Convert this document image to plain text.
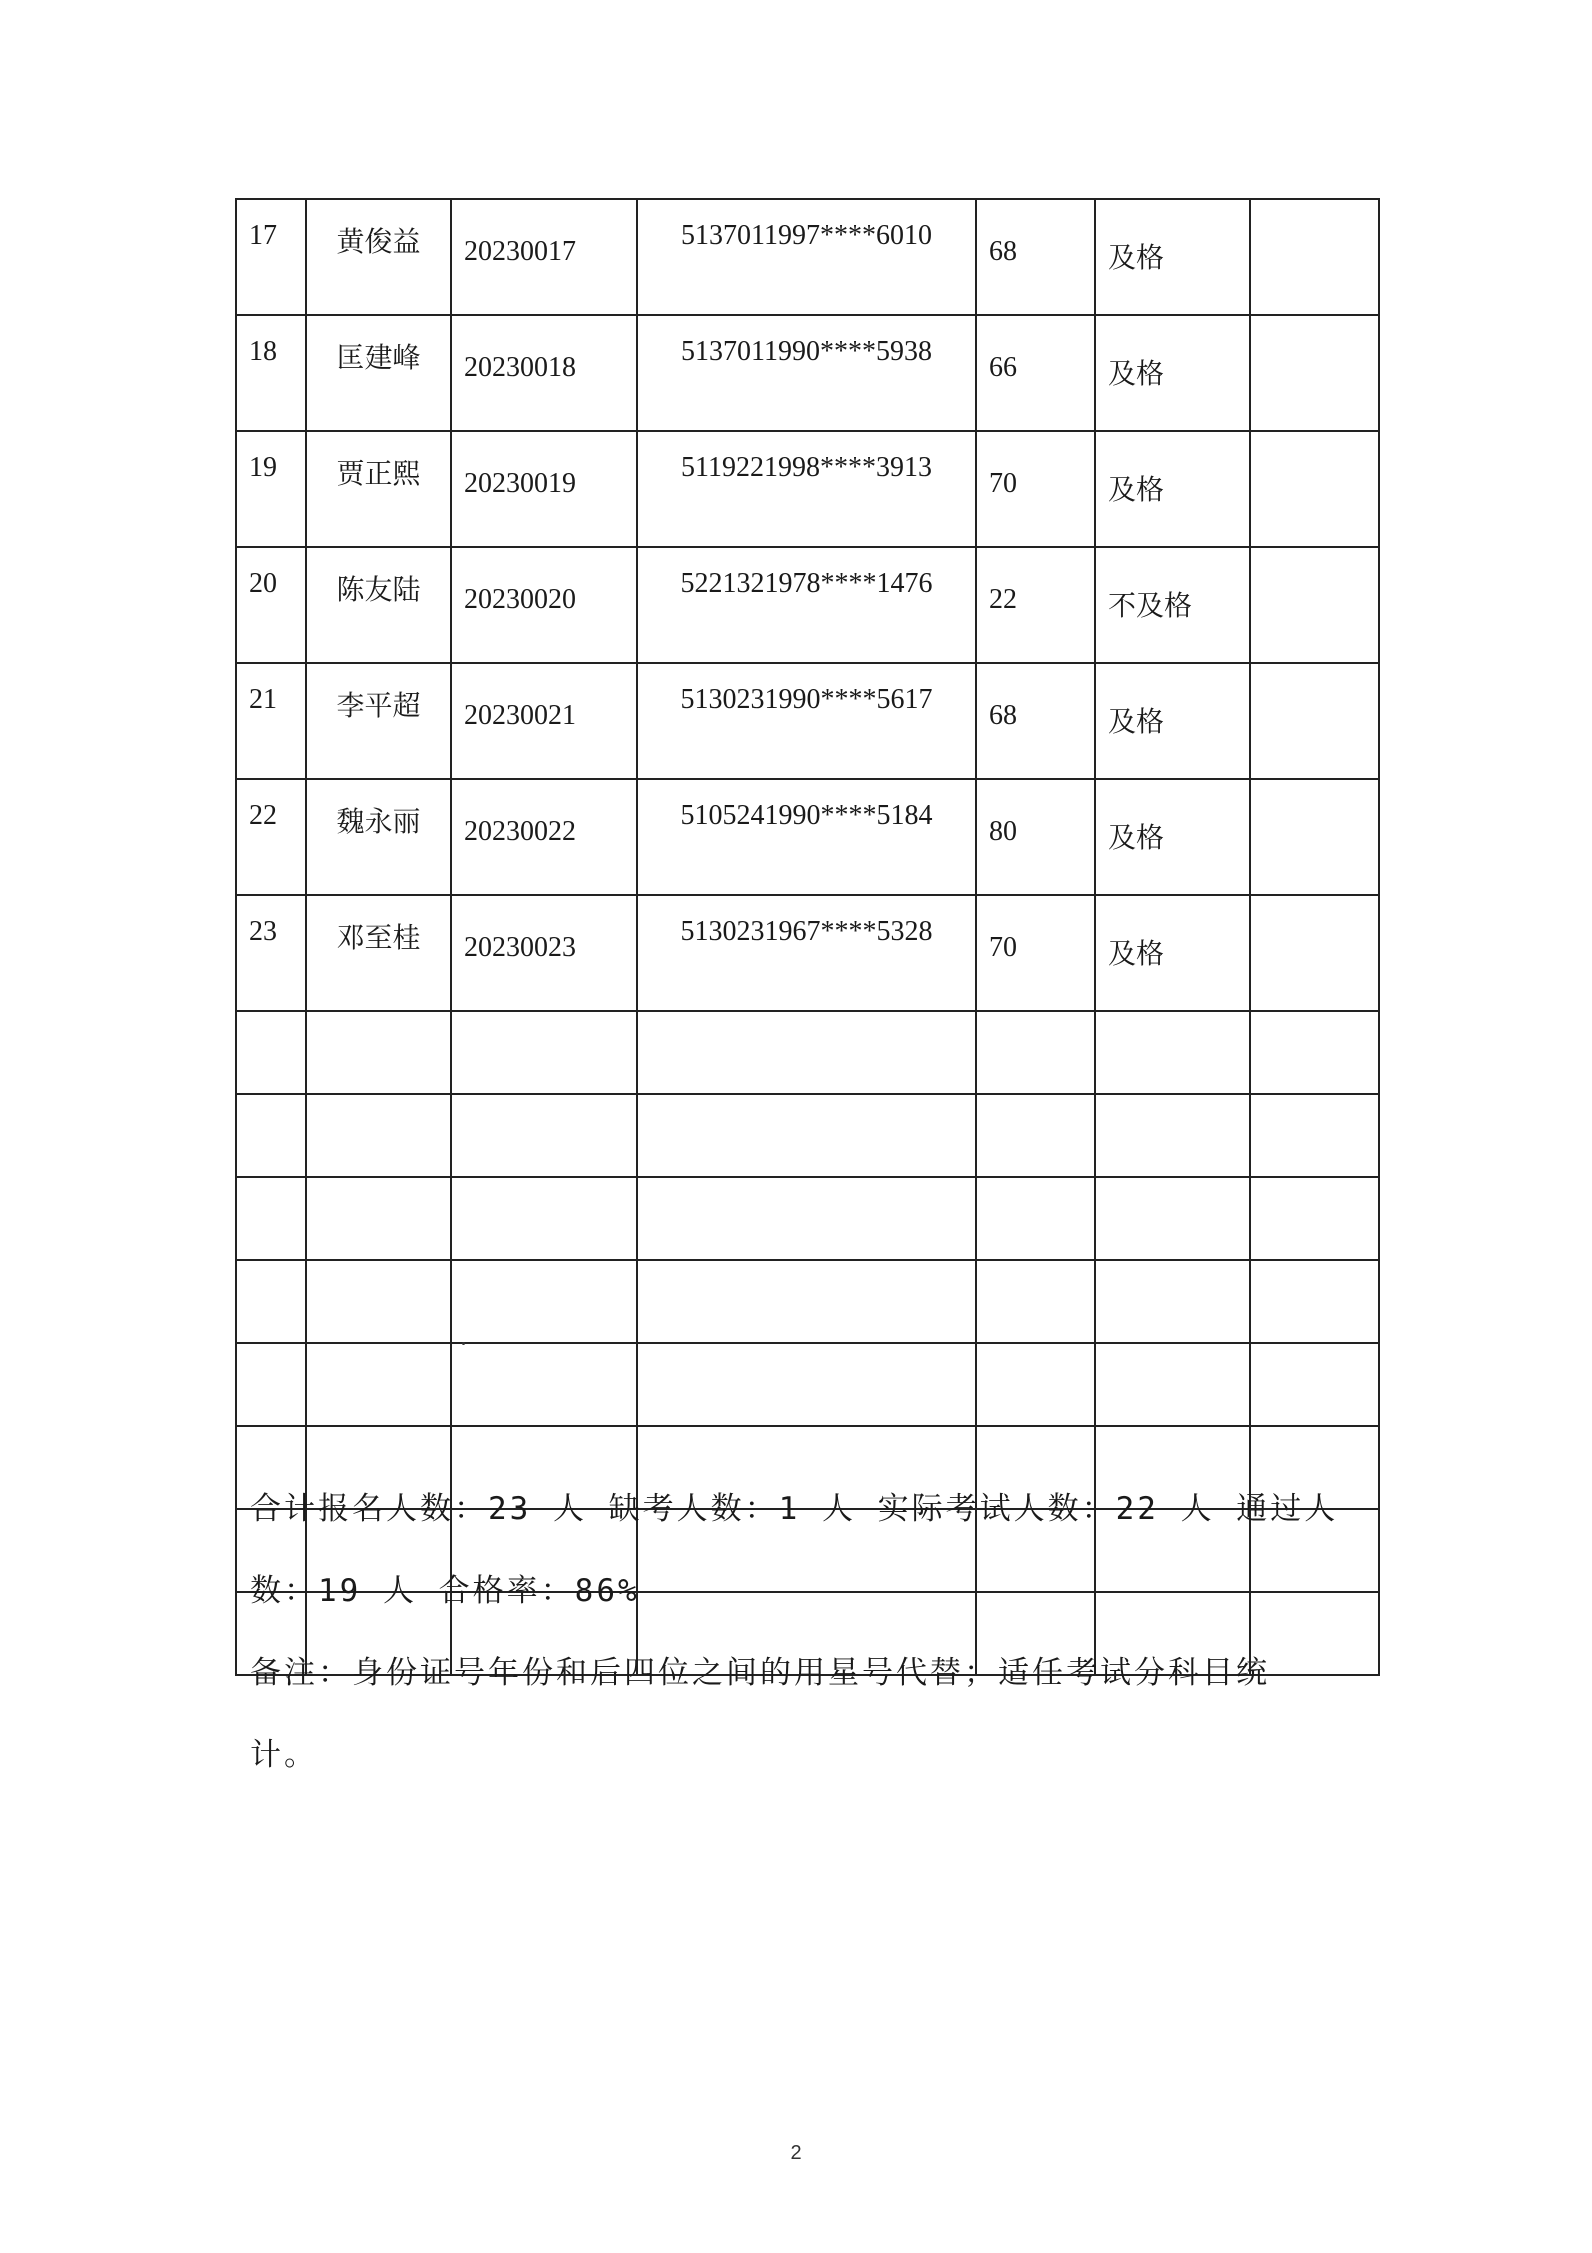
17	黄俊益	20230017	5137011997****6010	68	及格	
18	匡建峰	20230018	5137011990****5938	66	及格	
19	贾正熙	20230019	5119221998****3913	70	及格	
20	陈友陆	20230020	5221321978****1476	22	不及格	
21	李平超	20230021	5130231990****5617	68	及格	
22	魏永丽	20230022	5105241990****5184	80	及格	
23	邓至桂	20230023	5130231967****5328	70	及格	

合计报名人数：23 人 缺考人数：1 人 实际考试人数：22 人 通过人
数：19 人 合格率：86%
备注：身份证号年份和后四位之间的用星号代替；适任考试分科目统
计。
2
